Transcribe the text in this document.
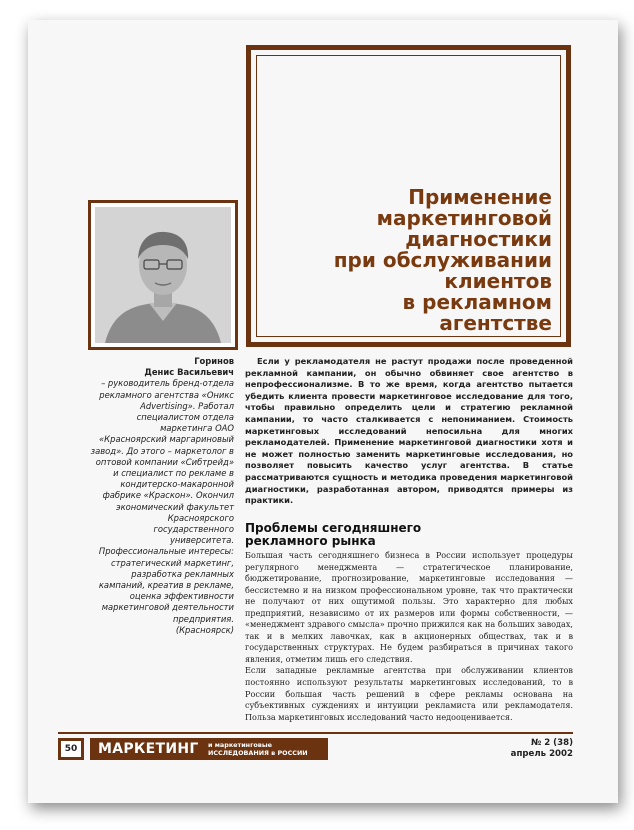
Применение
маркетинговой
диагностики
при обслуживании
клиентов
в рекламном
агентстве
Горинов
Денис Васильевич
– руководитель бренд-отдела рекламного агентства «Оникс Advertising». Работал специалистом отдела маркетинга ОАО «Красноярский маргариновый завод». До этого – маркетолог в оптовой компании «Сибтрейд» и специалист по рекламе в кондитерско-макаронной фабрике «Краскон». Окончил экономический факультет Красноярского государственного университета. Профессиональные интересы: стратегический маркетинг, разработка рекламных кампаний, креатив в рекламе, оценка эффективности маркетинговой деятельности предприятия.
(Красноярск)

Если у рекламодателя не растут продажи после проведенной рекламной кампании, он обычно обвиняет свое агентство в непрофессионализме. В то же время, когда агентство пытается убедить клиента провести маркетинговое исследование для того, чтобы правильно определить цели и стратегию рекламной кампании, то часто сталкивается с непониманием. Стоимость маркетинговых исследований непосильна для многих рекламодателей. Применение маркетинговой диагностики хотя и не может полностью заменить маркетинговые исследования, но позволяет повысить качество услуг агентства. В статье рассматриваются сущность и методика проведения маркетинговой диагностики, разработанная автором, приводятся примеры из практики.

Проблемы сегодняшнего
рекламного рынка

Большая часть сегодняшнего бизнеса в России использует процедуры регулярного менеджмента — стратегическое планирование, бюджетирование, прогнозирование, маркетинговые исследования — бессистемно и на низком профессиональном уровне, так что практически не получают от них ощутимой пользы. Это характерно для любых предприятий, независимо от их размеров или формы собственности, — «менеджмент здравого смысла» прочно прижился как на больших заводах, так и в мелких лавочках, как в акционерных обществах, так и в государственных структурах. Не будем разбираться в причинах такого явления, отметим лишь его следствия.

Если западные рекламные агентства при обслуживании клиентов постоянно используют результаты маркетинговых исследований, то в России большая часть решений в сфере рекламы основана на субъективных суждениях и интуиции рекламиста или рекламодателя. Польза маркетинговых исследований часто недооценивается.

50 МАРКЕТИНГ и маркетинговые
ИССЛЕДОВАНИЯ в РОССИИ
№ 2 (38)
апрель 2002
